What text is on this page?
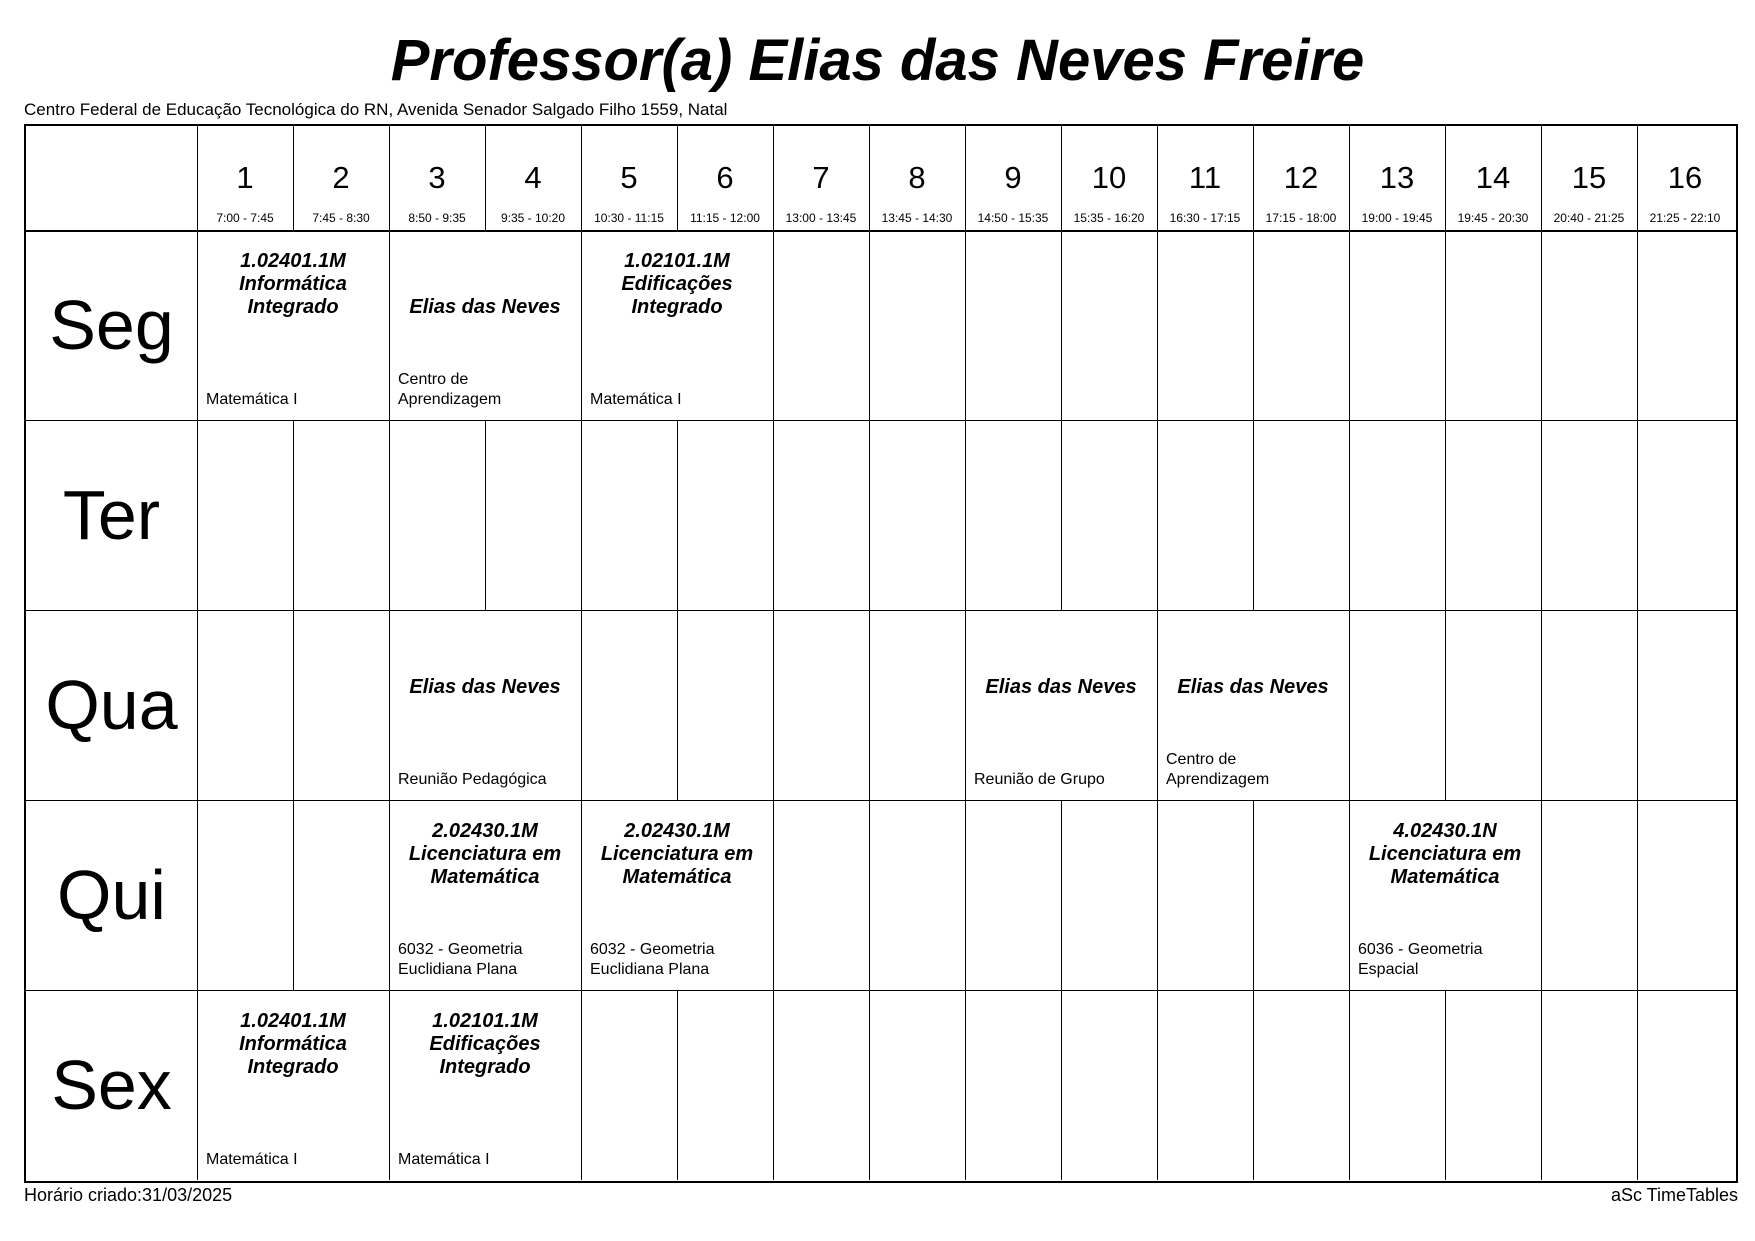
Professor(a) Elias das Neves Freire
Centro Federal de Educação Tecnológica do RN, Avenida Senador Salgado Filho 1559, Natal
1
7:00 - 7:45
2
7:45 - 8:30
3
8:50 - 9:35
4
9:35 - 10:20
5
10:30 - 11:15
6
11:15 - 12:00
7
13:00 - 13:45
8
13:45 - 14:30
9
14:50 - 15:35
10
15:35 - 16:20
11
16:30 - 17:15
12
17:15 - 18:00
13
19:00 - 19:45
14
19:45 - 20:30
15
20:40 - 21:25
16
21:25 - 22:10
Seg
Ter
Qua
Qui
Sex
1.02401.1M
Informática
Integrado
Matemática I
Elias das Neves
Centro de
Aprendizagem
1.02101.1M
Edificações
Integrado
Matemática I
Elias das Neves
Reunião Pedagógica
Elias das Neves
Reunião de Grupo
Elias das Neves
Centro de
Aprendizagem
2.02430.1M
Licenciatura em
Matemática
6032 - Geometria
Euclidiana Plana
2.02430.1M
Licenciatura em
Matemática
6032 - Geometria
Euclidiana Plana
4.02430.1N
Licenciatura em
Matemática
6036 - Geometria
Espacial
1.02401.1M
Informática
Integrado
Matemática I
1.02101.1M
Edificações
Integrado
Matemática I
Horário criado:31/03/2025	aSc TimeTables
